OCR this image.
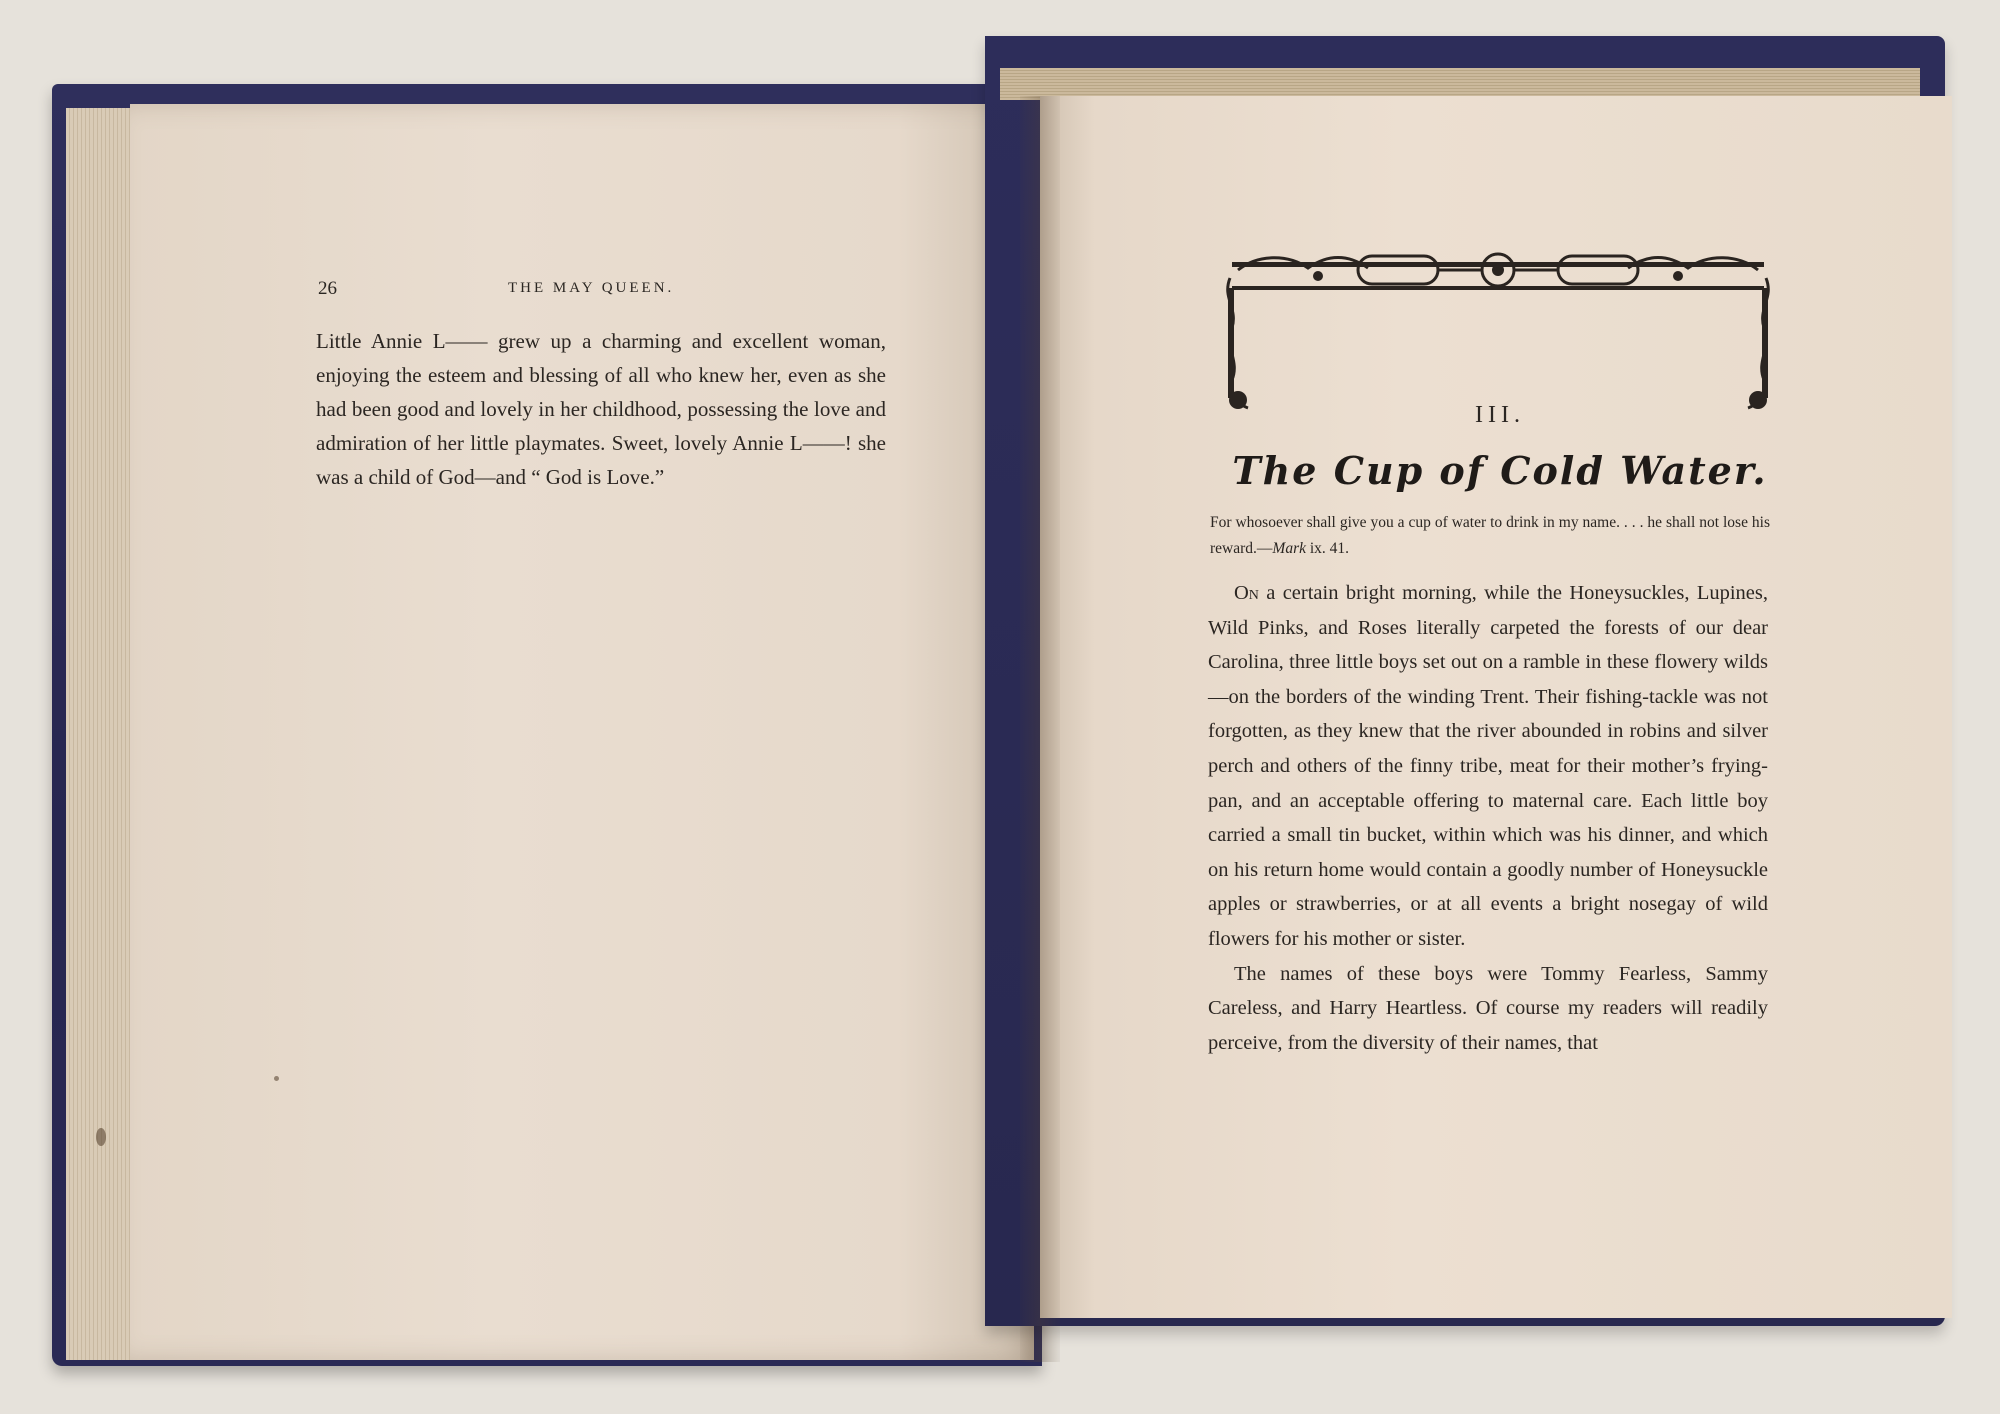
26	THE MAY QUEEN.

Little Annie L—— grew up a charming and excellent woman, enjoying the esteem and blessing of all who knew her, even as she had been good and lovely in her childhood, possessing the love and admiration of her little playmates. Sweet, lovely Annie L——! she was a child of God—and “ God is Love.”

III.
The Cup of Cold Water.
For whosoever shall give you a cup of water to drink in my name. . . . he shall not lose his reward.—Mark ix. 41.

On a certain bright morning, while the Honeysuckles, Lupines, Wild Pinks, and Roses literally carpeted the forests of our dear Carolina, three little boys set out on a ramble in these flowery wilds—on the borders of the winding Trent. Their fishing-tackle was not forgotten, as they knew that the river abounded in robins and silver perch and others of the finny tribe, meat for their mother’s frying-pan, and an acceptable offering to maternal care. Each little boy carried a small tin bucket, within which was his dinner, and which on his return home would contain a goodly number of Honeysuckle apples or strawberries, or at all events a bright nosegay of wild flowers for his mother or sister.

The names of these boys were Tommy Fearless, Sammy Careless, and Harry Heartless. Of course my readers will readily perceive, from the diversity of their names, that
